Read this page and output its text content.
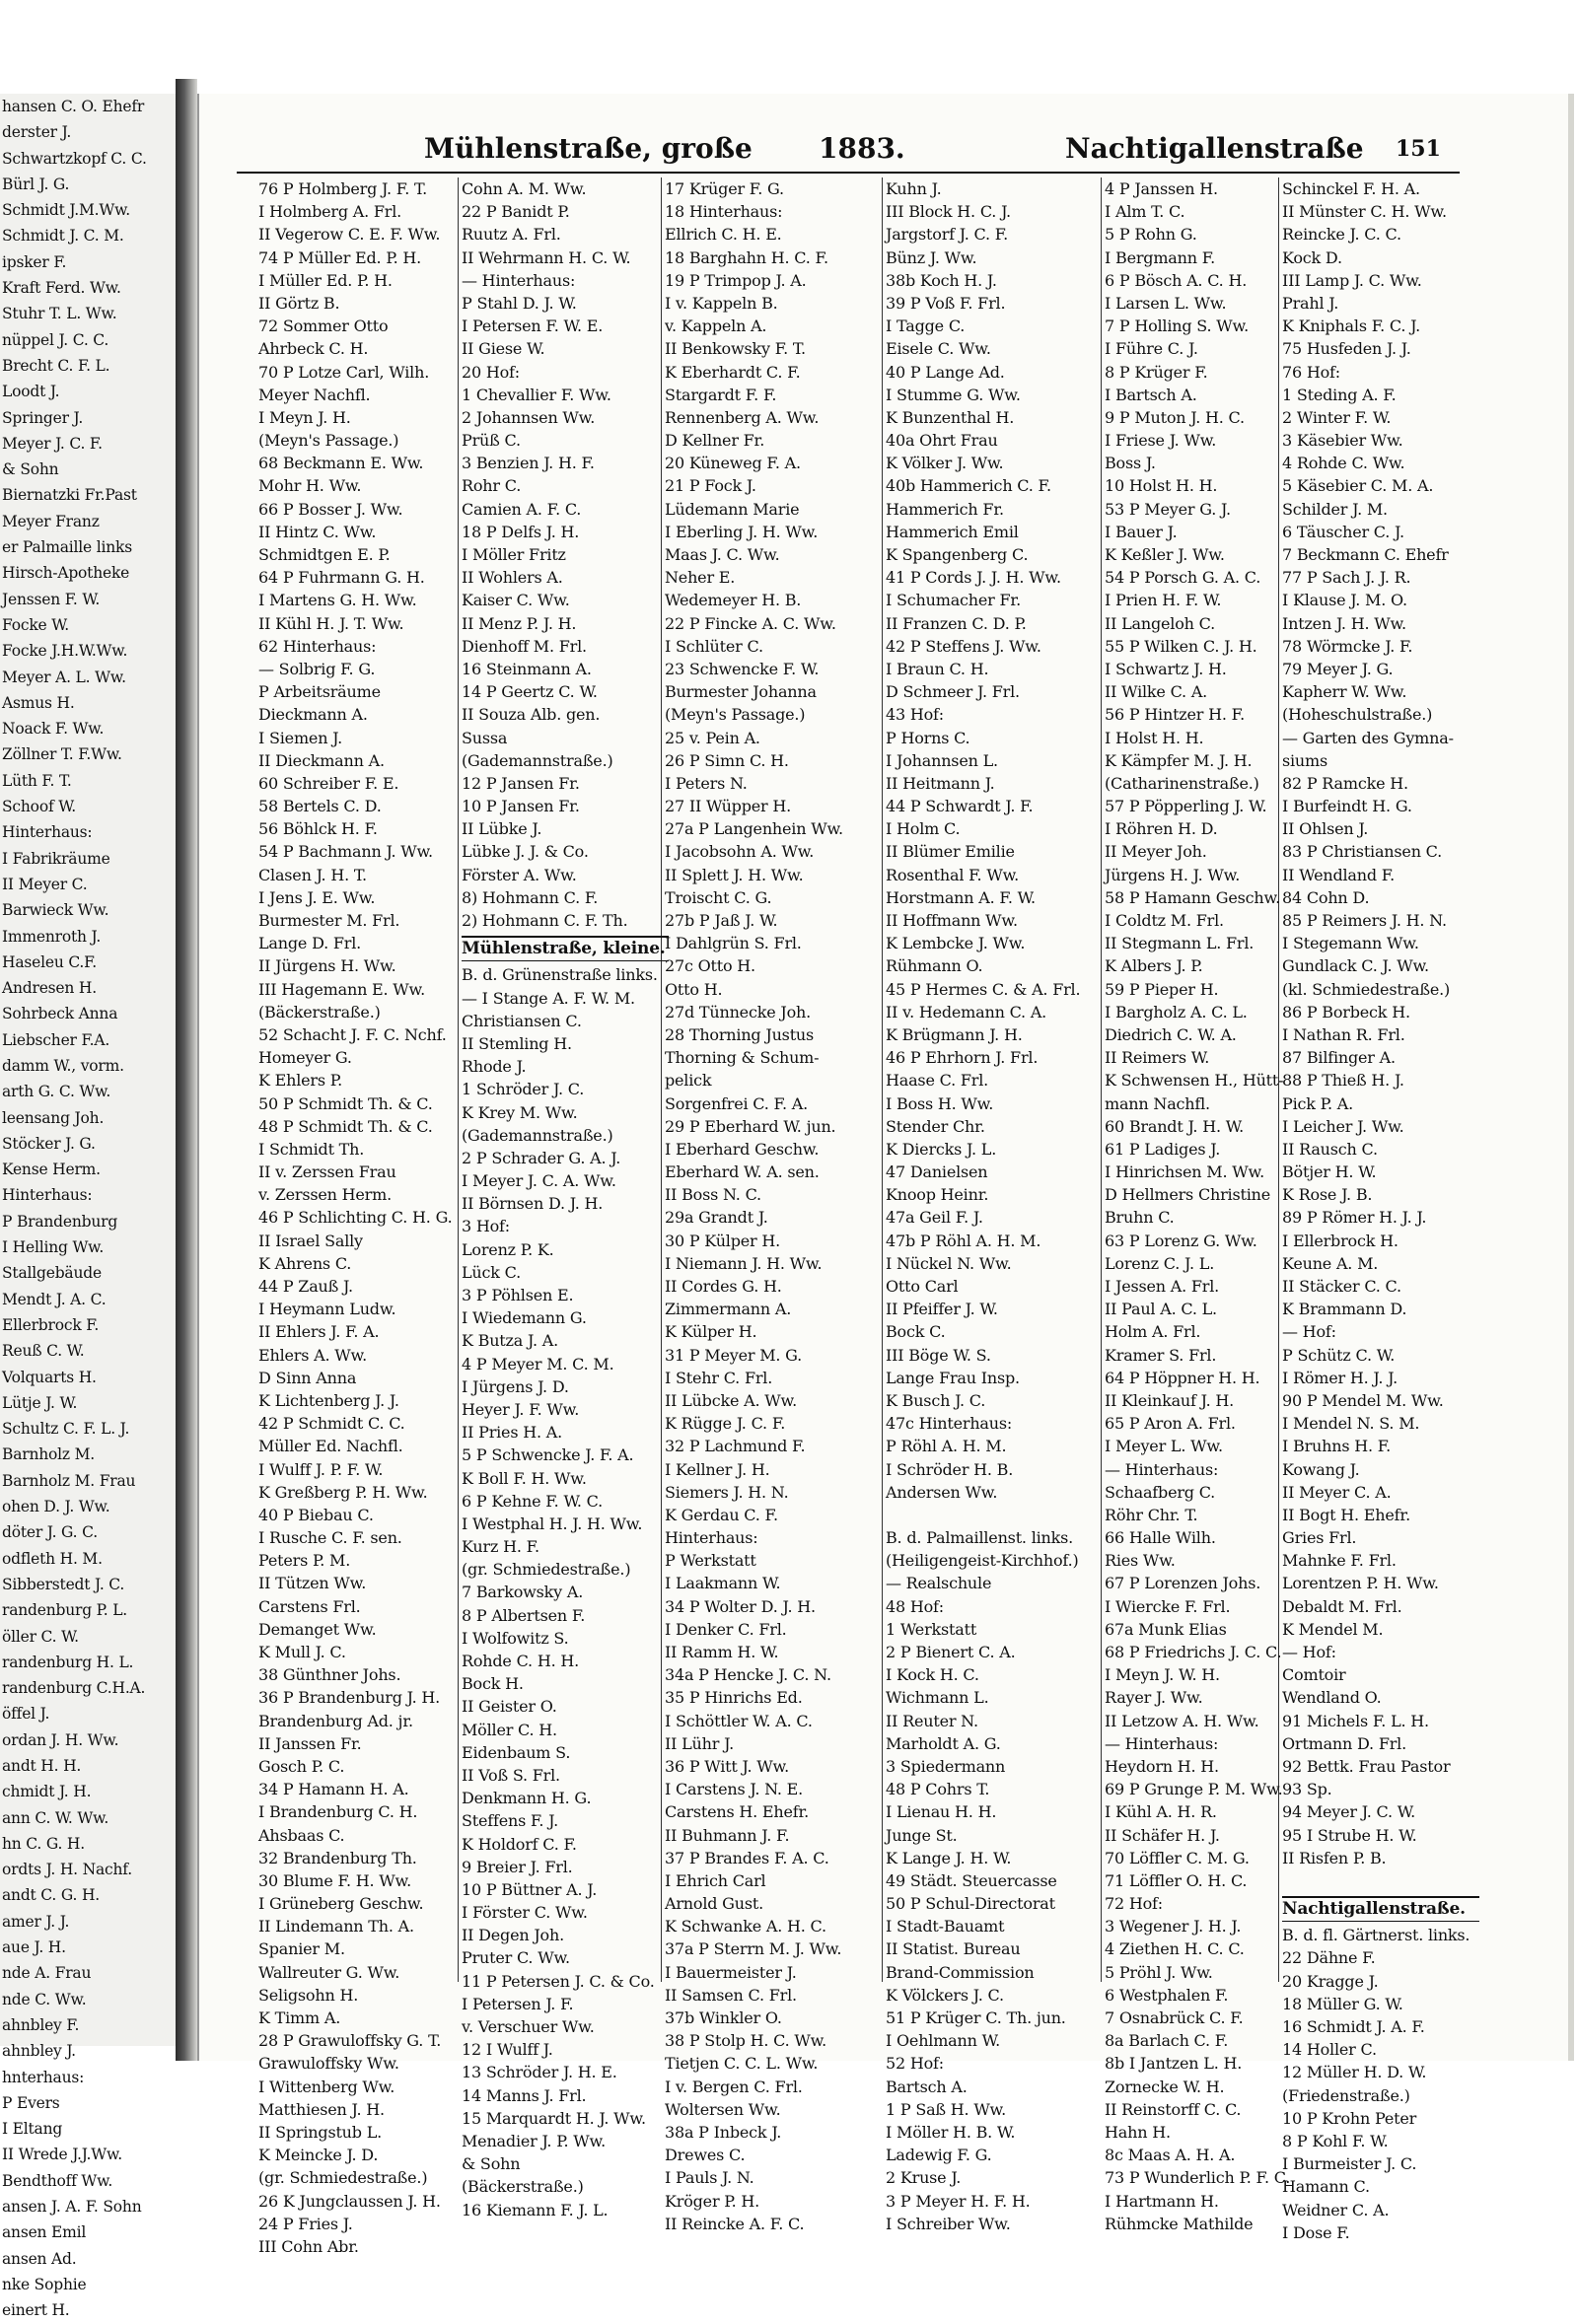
hansen C. O. Ehefr
derster J.
Schwartzkopf C. C.
Bürl J. G.
Schmidt J.M.Ww.
Schmidt J. C. M.
ipsker F.
Kraft Ferd. Ww.
Stuhr T. L. Ww.
nüppel J. C. C.
Brecht C. F. L.
Loodt J.
Springer J.
Meyer J. C. F.
& Sohn
Biernatzki Fr.Past
Meyer Franz
er Palmaille links
Hirsch-Apotheke
Jenssen F. W.
Focke W.
Focke J.H.W.Ww.
Meyer A. L. Ww.
Asmus H.
Noack F. Ww.
Zöllner T. F.Ww.
Lüth F. T.
Schoof W.
Hinterhaus:
I Fabrikräume
II Meyer C.
Barwieck Ww.
Immenroth J.
Haseleu C.F.
Andresen H.
Sohrbeck Anna
Liebscher F.A.
damm W., vorm.
arth G. C. Ww.
leensang Joh.
Stöcker J. G.
Kense Herm.
Hinterhaus:
P Brandenburg
I Helling Ww.
Stallgebäude
Mendt J. A. C.
Ellerbrock F.
Reuß C. W.
Volquarts H.
Lütje J. W.
Schultz C. F. L. J.
Barnholz M.
Barnholz M. Frau
ohen D. J. Ww.
döter J. G. C.
odfleth H. M.
Sibberstedt J. C.
randenburg P. L.
öller C. W.
randenburg H. L.
randenburg C.H.A.
öffel J.
ordan J. H. Ww.
andt H. H.
chmidt J. H.
ann C. W. Ww.
hn C. G. H.
ordts J. H. Nachf.
andt C. G. H.
amer J. J.
aue J. H.
nde A. Frau
nde C. Ww.
ahnbley F.
ahnbley J.
hnterhaus:
P Evers
I Eltang
II Wrede J.J.Ww.
Bendthoff Ww.
ansen J. A. F. Sohn
ansen Emil
ansen Ad.
nke Sophie
einert H.
Mühlenstraße, große 1883.	Nachtigallenstraße 151
76 P Holmberg J. F. T.
I Holmberg A. Frl.
II Vegerow C. E. F. Ww.
74 P Müller Ed. P. H.
I Müller Ed. P. H.
II Görtz B.
72 Sommer Otto
Ahrbeck C. H.
70 P Lotze Carl, Wilh.
Meyer Nachfl.
I Meyn J. H.
(Meyn's Passage.)
68 Beckmann E. Ww.
Mohr H. Ww.
66 P Bosser J. Ww.
II Hintz C. Ww.
Schmidtgen E. P.
64 P Fuhrmann G. H.
I Martens G. H. Ww.
II Kühl H. J. T. Ww.
62 Hinterhaus:
— Solbrig F. G.
P Arbeitsräume
Dieckmann A.
I Siemen J.
II Dieckmann A.
60 Schreiber F. E.
58 Bertels C. D.
56 Böhlck H. F.
54 P Bachmann J. Ww.
Clasen J. H. T.
I Jens J. E. Ww.
Burmester M. Frl.
Lange D. Frl.
II Jürgens H. Ww.
III Hagemann E. Ww.
(Bäckerstraße.)
52 Schacht J. F. C. Nchf.
Homeyer G.
K Ehlers P.
50 P Schmidt Th. & C.
48 P Schmidt Th. & C.
I Schmidt Th.
II v. Zerssen Frau
v. Zerssen Herm.
46 P Schlichting C. H. G.
II Israel Sally
K Ahrens C.
44 P Zauß J.
I Heymann Ludw.
II Ehlers J. F. A.
Ehlers A. Ww.
D Sinn Anna
K Lichtenberg J. J.
42 P Schmidt C. C.
Müller Ed. Nachfl.
I Wulff J. P. F. W.
K Greßberg P. H. Ww.
40 P Biebau C.
I Rusche C. F. sen.
Peters P. M.
II Tützen Ww.
Carstens Frl.
Demanget Ww.
K Mull J. C.
38 Günthner Johs.
36 P Brandenburg J. H.
Brandenburg Ad. jr.
II Janssen Fr.
Gosch P. C.
34 P Hamann H. A.
I Brandenburg C. H.
Ahsbaas C.
32 Brandenburg Th.
30 Blume F. H. Ww.
I Grüneberg Geschw.
II Lindemann Th. A.
Spanier M.
Wallreuter G. Ww.
Seligsohn H.
K Timm A.
28 P Grawuloffsky G. T.
Grawuloffsky Ww.
I Wittenberg Ww.
Matthiesen J. H.
II Springstub L.
K Meincke J. D.
(gr. Schmiedestraße.)
26 K Jungclaussen J. H.
24 P Fries J.
III Cohn Abr.
Cohn A. M. Ww.
22 P Banidt P.
Ruutz A. Frl.
II Wehrmann H. C. W.
— Hinterhaus:
P Stahl D. J. W.
I Petersen F. W. E.
II Giese W.
20 Hof:
1 Chevallier F. Ww.
2 Johannsen Ww.
Prüß C.
3 Benzien J. H. F.
Rohr C.
Camien A. F. C.
18 P Delfs J. H.
I Möller Fritz
II Wohlers A.
Kaiser C. Ww.
II Menz P. J. H.
Dienhoff M. Frl.
16 Steinmann A.
14 P Geertz C. W.
II Souza Alb. gen.
Sussa
(Gademannstraße.)
12 P Jansen Fr.
10 P Jansen Fr.
II Lübke J.
Lübke J. J. & Co.
Förster A. Ww.
8) Hohmann C. F.
2) Hohmann C. F. Th.
Mühlenstraße, kleine.
B. d. Grünenstraße links.
— I Stange A. F. W. M.
Christiansen C.
II Stemling H.
Rhode J.
1 Schröder J. C.
K Krey M. Ww.
(Gademannstraße.)
2 P Schrader G. A. J.
I Meyer J. C. A. Ww.
II Börnsen D. J. H.
3 Hof:
Lorenz P. K.
Lück C.
3 P Pöhlsen E.
I Wiedemann G.
K Butza J. A.
4 P Meyer M. C. M.
I Jürgens J. D.
Heyer J. F. Ww.
II Pries H. A.
5 P Schwencke J. F. A.
K Boll F. H. Ww.
6 P Kehne F. W. C.
I Westphal H. J. H. Ww.
Kurz H. F.
(gr. Schmiedestraße.)
7 Barkowsky A.
8 P Albertsen F.
I Wolfowitz S.
Rohde C. H. H.
Bock H.
II Geister O.
Möller C. H.
Eidenbaum S.
II Voß S. Frl.
Denkmann H. G.
Steffens F. J.
K Holdorf C. F.
9 Breier J. Frl.
10 P Büttner A. J.
I Förster C. Ww.
II Degen Joh.
Pruter C. Ww.
11 P Petersen J. C. & Co.
I Petersen J. F.
v. Verschuer Ww.
12 I Wulff J.
13 Schröder J. H. E.
14 Manns J. Frl.
15 Marquardt H. J. Ww.
Menadier J. P. Ww.
& Sohn
(Bäckerstraße.)
16 Kiemann F. J. L.
17 Krüger F. G.
18 Hinterhaus:
Ellrich C. H. E.
18 Barghahn H. C. F.
19 P Trimpop J. A.
I v. Kappeln B.
v. Kappeln A.
II Benkowsky F. T.
K Eberhardt C. F.
Stargardt F. F.
Rennenberg A. Ww.
D Kellner Fr.
20 Küneweg F. A.
21 P Fock J.
Lüdemann Marie
I Eberling J. H. Ww.
Maas J. C. Ww.
Neher E.
Wedemeyer H. B.
22 P Fincke A. C. Ww.
I Schlüter C.
23 Schwencke F. W.
Burmester Johanna
(Meyn's Passage.)
25 v. Pein A.
26 P Simn C. H.
I Peters N.
27 II Wüpper H.
27a P Langenhein Ww.
I Jacobsohn A. Ww.
II Splett J. H. Ww.
Troischt C. G.
27b P Jaß J. W.
I Dahlgrün S. Frl.
27c Otto H.
Otto H.
27d Tünnecke Joh.
28 Thorning Justus
Thorning & Schum-
pelick
Sorgenfrei C. F. A.
29 P Eberhard W. jun.
I Eberhard Geschw.
Eberhard W. A. sen.
II Boss N. C.
29a Grandt J.
30 P Külper H.
I Niemann J. H. Ww.
II Cordes G. H.
Zimmermann A.
K Külper H.
31 P Meyer M. G.
I Stehr C. Frl.
II Lübcke A. Ww.
K Rügge J. C. F.
32 P Lachmund F.
I Kellner J. H.
Siemers J. H. N.
K Gerdau C. F.
Hinterhaus:
P Werkstatt
I Laakmann W.
34 P Wolter D. J. H.
I Denker C. Frl.
II Ramm H. W.
34a P Hencke J. C. N.
35 P Hinrichs Ed.
I Schöttler W. A. C.
II Lühr J.
36 P Witt J. Ww.
I Carstens J. N. E.
Carstens H. Ehefr.
II Buhmann J. F.
37 P Brandes F. A. C.
I Ehrich Carl
Arnold Gust.
K Schwanke A. H. C.
37a P Sterrn M. J. Ww.
I Bauermeister J.
II Samsen C. Frl.
37b Winkler O.
38 P Stolp H. C. Ww.
Tietjen C. C. L. Ww.
I v. Bergen C. Frl.
Woltersen Ww.
38a P Inbeck J.
Drewes C.
I Pauls J. N.
Kröger P. H.
II Reincke A. F. C.
Kuhn J.
III Block H. C. J.
Jargstorf J. C. F.
Bünz J. Ww.
38b Koch H. J.
39 P Voß F. Frl.
I Tagge C.
Eisele C. Ww.
40 P Lange Ad.
I Stumme G. Ww.
K Bunzenthal H.
40a Ohrt Frau
K Völker J. Ww.
40b Hammerich C. F.
Hammerich Fr.
Hammerich Emil
K Spangenberg C.
41 P Cords J. J. H. Ww.
I Schumacher Fr.
II Franzen C. D. P.
42 P Steffens J. Ww.
I Braun C. H.
D Schmeer J. Frl.
43 Hof:
P Horns C.
I Johannsen L.
II Heitmann J.
44 P Schwardt J. F.
I Holm C.
II Blümer Emilie
Rosenthal F. Ww.
Horstmann A. F. W.
II Hoffmann Ww.
K Lembcke J. Ww.
Rühmann O.
45 P Hermes C. & A. Frl.
II v. Hedemann C. A.
K Brügmann J. H.
46 P Ehrhorn J. Frl.
Haase C. Frl.
I Boss H. Ww.
Stender Chr.
K Diercks J. L.
47 Danielsen
Knoop Heinr.
47a Geil F. J.
47b P Röhl A. H. M.
I Nückel N. Ww.
Otto Carl
II Pfeiffer J. W.
Bock C.
III Böge W. S.
Lange Frau Insp.
K Busch J. C.
47c Hinterhaus:
P Röhl A. H. M.
I Schröder H. B.
Andersen Ww.
B. d. Palmaillenst. links.
(Heiligengeist-Kirchhof.)
— Realschule
48 Hof:
1 Werkstatt
2 P Bienert C. A.
I Kock H. C.
Wichmann L.
II Reuter N.
Marholdt A. G.
3 Spiedermann
48 P Cohrs T.
I Lienau H. H.
Junge St.
K Lange J. H. W.
49 Städt. Steuercasse
50 P Schul-Directorat
I Stadt-Bauamt
II Statist. Bureau
Brand-Commission
K Völckers J. C.
51 P Krüger C. Th. jun.
I Oehlmann W.
52 Hof:
Bartsch A.
1 P Saß H. Ww.
I Möller H. B. W.
Ladewig F. G.
2 Kruse J.
3 P Meyer H. F. H.
I Schreiber Ww.
4 P Janssen H.
I Alm T. C.
5 P Rohn G.
I Bergmann F.
6 P Bösch A. C. H.
I Larsen L. Ww.
7 P Holling S. Ww.
I Führe C. J.
8 P Krüger F.
I Bartsch A.
9 P Muton J. H. C.
I Friese J. Ww.
Boss J.
10 Holst H. H.
53 P Meyer G. J.
I Bauer J.
K Keßler J. Ww.
54 P Porsch G. A. C.
I Prien H. F. W.
II Langeloh C.
55 P Wilken C. J. H.
I Schwartz J. H.
II Wilke C. A.
56 P Hintzer H. F.
I Holst H. H.
K Kämpfer M. J. H.
(Catharinenstraße.)
57 P Pöpperling J. W.
I Röhren H. D.
II Meyer Joh.
Jürgens H. J. Ww.
58 P Hamann Geschw.
I Coldtz M. Frl.
II Stegmann L. Frl.
K Albers J. P.
59 P Pieper H.
I Bargholz A. C. L.
Diedrich C. W. A.
II Reimers W.
K Schwensen H., Hütt-
mann Nachfl.
60 Brandt J. H. W.
61 P Ladiges J.
I Hinrichsen M. Ww.
D Hellmers Christine
Bruhn C.
63 P Lorenz G. Ww.
Lorenz C. J. L.
I Jessen A. Frl.
II Paul A. C. L.
Holm A. Frl.
Kramer S. Frl.
64 P Höppner H. H.
II Kleinkauf J. H.
65 P Aron A. Frl.
I Meyer L. Ww.
— Hinterhaus:
Schaafberg C.
Röhr Chr. T.
66 Halle Wilh.
Ries Ww.
67 P Lorenzen Johs.
I Wiercke F. Frl.
67a Munk Elias
68 P Friedrichs J. C. C.
I Meyn J. W. H.
Rayer J. Ww.
II Letzow A. H. Ww.
— Hinterhaus:
Heydorn H. H.
69 P Grunge P. M. Ww.
I Kühl A. H. R.
II Schäfer H. J.
70 Löffler C. M. G.
71 Löffler O. H. C.
72 Hof:
3 Wegener J. H. J.
4 Ziethen H. C. C.
5 Pröhl J. Ww.
6 Westphalen F.
7 Osnabrück C. F.
8a Barlach C. F.
8b I Jantzen L. H.
Zornecke W. H.
II Reinstorff C. C.
Hahn H.
8c Maas A. H. A.
73 P Wunderlich P. F. C.
I Hartmann H.
Rühmcke Mathilde
Schinckel F. H. A.
II Münster C. H. Ww.
Reincke J. C. C.
Kock D.
III Lamp J. C. Ww.
Prahl J.
K Kniphals F. C. J.
75 Husfeden J. J.
76 Hof:
1 Steding A. F.
2 Winter F. W.
3 Käsebier Ww.
4 Rohde C. Ww.
5 Käsebier C. M. A.
Schilder J. M.
6 Täuscher C. J.
7 Beckmann C. Ehefr
77 P Sach J. J. R.
I Klause J. M. O.
Intzen J. H. Ww.
78 Wörmcke J. F.
79 Meyer J. G.
Kapherr W. Ww.
(Hoheschulstraße.)
— Garten des Gymna-
siums
82 P Ramcke H.
I Burfeindt H. G.
II Ohlsen J.
83 P Christiansen C.
II Wendland F.
84 Cohn D.
85 P Reimers J. H. N.
I Stegemann Ww.
Gundlack C. J. Ww.
(kl. Schmiedestraße.)
86 P Borbeck H.
I Nathan R. Frl.
87 Bilfinger A.
88 P Thieß H. J.
Pick P. A.
I Leicher J. Ww.
II Rausch C.
Bötjer H. W.
K Rose J. B.
89 P Römer H. J. J.
I Ellerbrock H.
Keune A. M.
II Stäcker C. C.
K Brammann D.
— Hof:
P Schütz C. W.
I Römer H. J. J.
90 P Mendel M. Ww.
I Mendel N. S. M.
I Bruhns H. F.
Kowang J.
II Meyer C. A.
II Bogt H. Ehefr.
Gries Frl.
Mahnke F. Frl.
Lorentzen P. H. Ww.
Debaldt M. Frl.
K Mendel M.
— Hof:
Comtoir
Wendland O.
91 Michels F. L. H.
Ortmann D. Frl.
92 Bettk. Frau Pastor
93 Sp.
94 Meyer J. C. W.
95 I Strube H. W.
II Risfen P. B.
Nachtigallenstraße.
B. d. fl. Gärtnerst. links.
22 Dähne F.
20 Kragge J.
18 Müller G. W.
16 Schmidt J. A. F.
14 Holler C.
12 Müller H. D. W.
(Friedenstraße.)
10 P Krohn Peter
8 P Kohl F. W.
I Burmeister J. C.
Hamann C.
Weidner C. A.
I Dose F.
